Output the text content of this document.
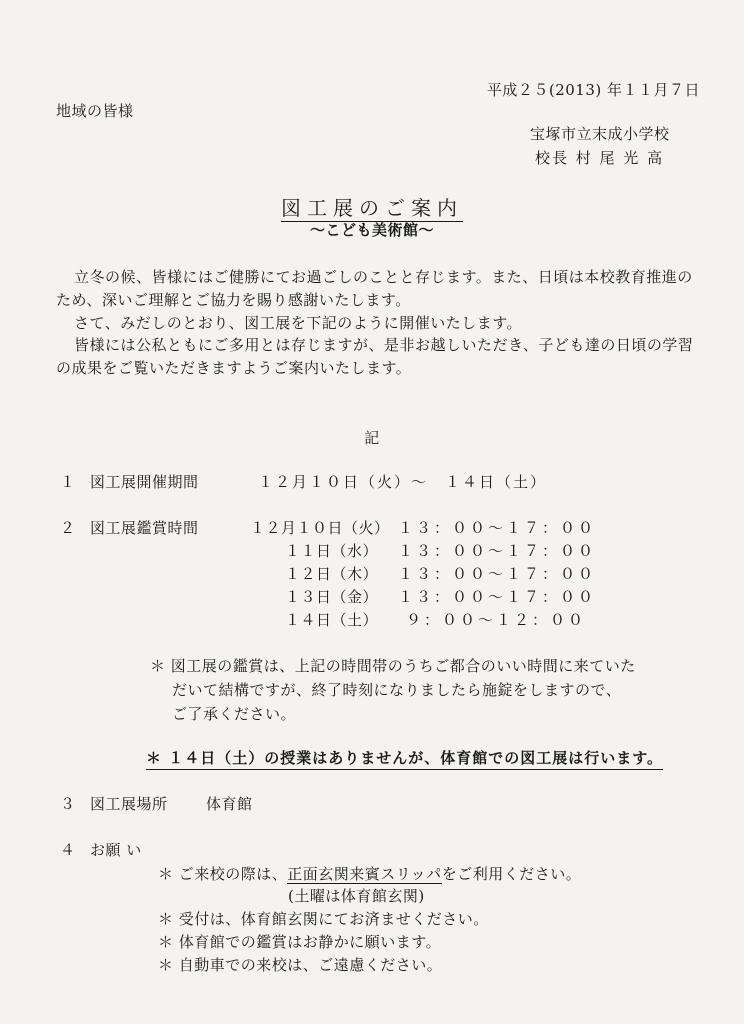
平成２５(2013) 年１１月７日
地域の皆様
宝塚市立末成小学校
校長 村 尾 光 高
図工展のご案内
～こども美術館～
立冬の候、皆様にはご健勝にてお過ごしのことと存じます。また、日頃は本校教育推進のため、深いご理解とご協力を賜り感謝いたします。
さて、みだしのとおり、図工展を下記のように開催いたします。
皆様には公私ともにご多用とは存じますが、是非お越しいただき、子ども達の日頃の学習の成果をご覧いただきますようご案内いたします。
記
１ 図工展開催期間	１２月１０日（火）～　１４日（土）
２ 図工展鑑賞時間	１２月１０日（火） １３：００～１７：００
１１日（水） １３：００～１７：００
１２日（木） １３：００～１７：００
１３日（金） １３：００～１７：００
１４日（土）	９：００～１２：００
＊ 図工展の鑑賞は、上記の時間帯のうちご都合のいい時間に来ていた
だいて結構ですが、終了時刻になりましたら施錠をしますので、
ご了承ください。
＊ １４日（土）の授業はありませんが、体育館での図工展は行います。
３ 図工展場所	体育館
４ お願 い
＊ ご来校の際は、正面玄関来賓スリッパをご利用ください。
(土曜は体育館玄関)
＊ 受付は、体育館玄関にてお済ませください。
＊ 体育館での鑑賞はお静かに願います。
＊ 自動車での来校は、ご遠慮ください。
